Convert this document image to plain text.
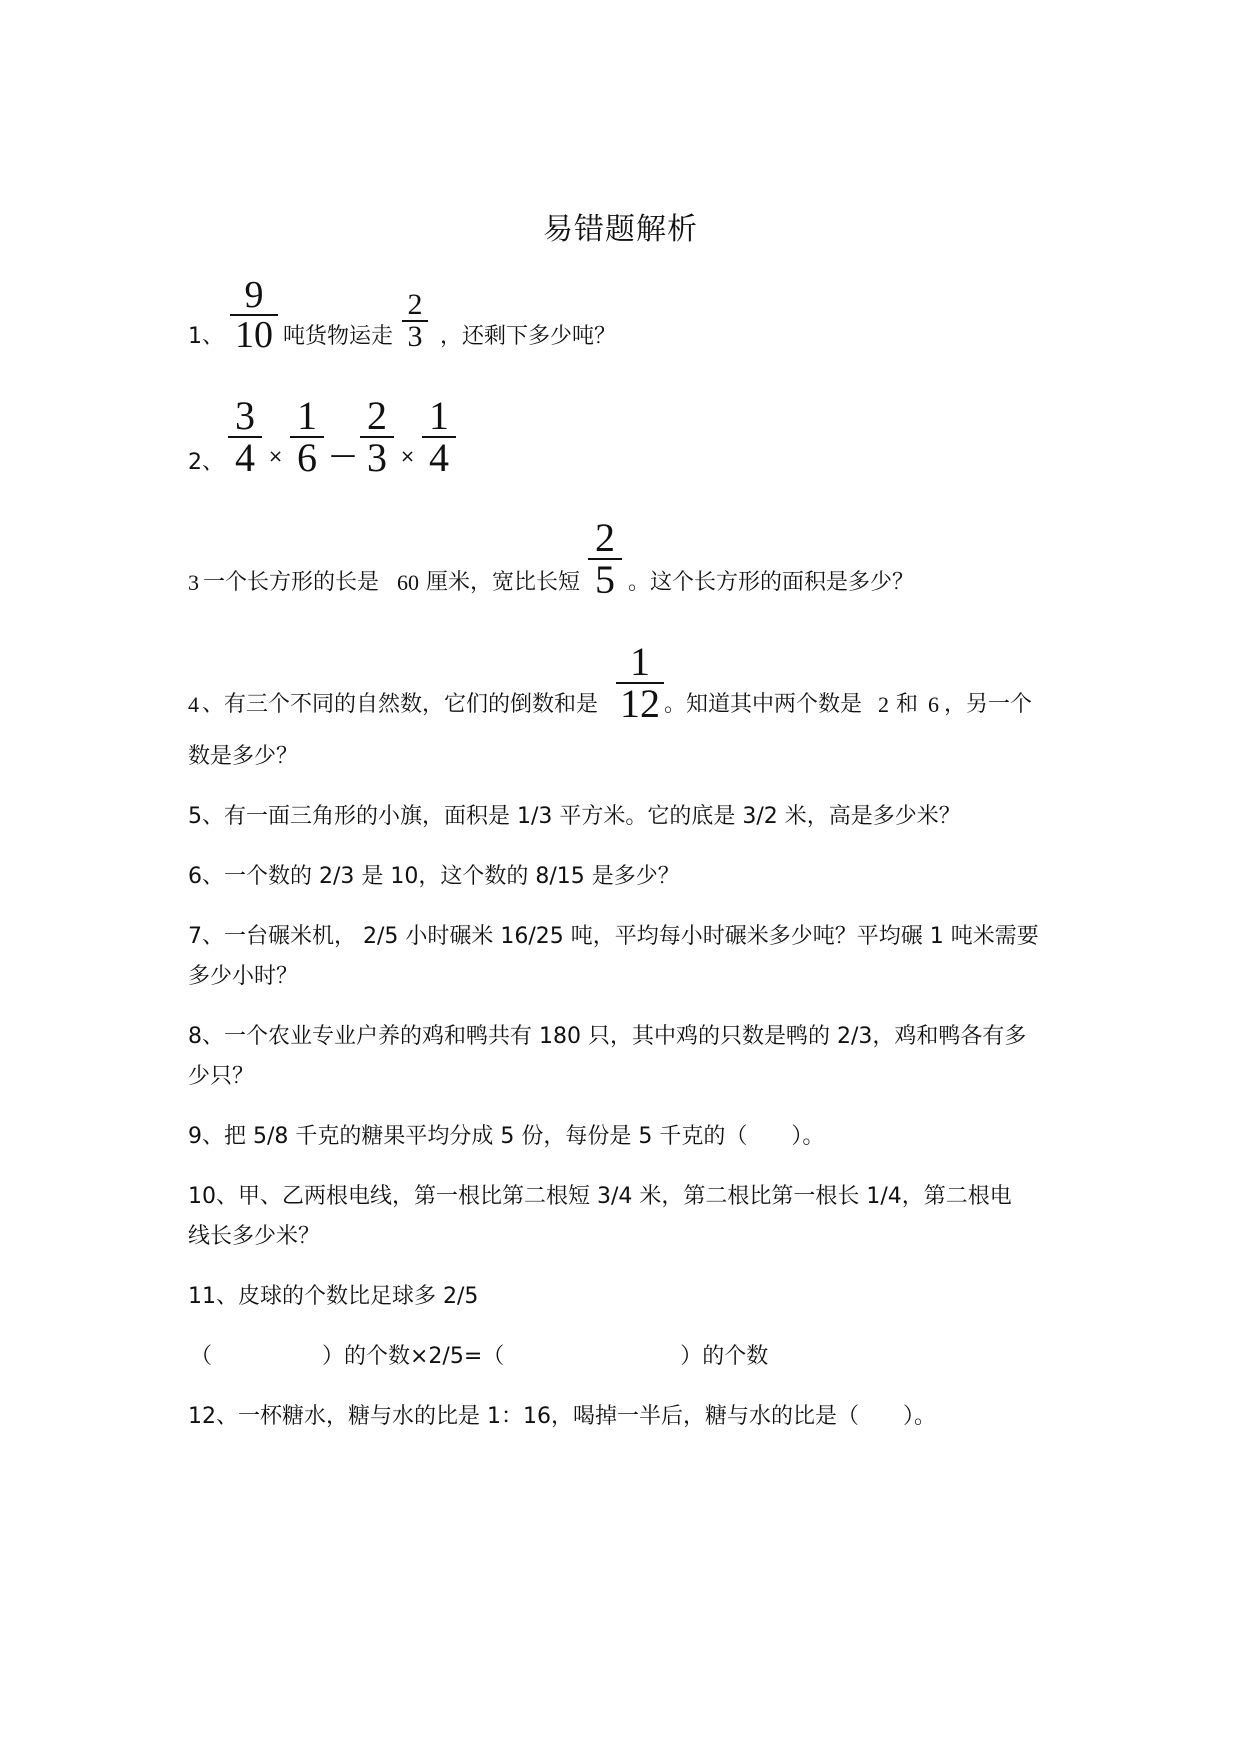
易错题解析
1、
9
10 吨货物运走
2
3 ，还剩下多少吨？
2、
3
4 ×
1
6 —
2
3 ×
1
4
3 一个长方形的长是 60 厘米，宽比长短
2
5 。这个长方形的面积是多少？
4 、有三个不同的自然数，它们的倒数和是
1
12 。知道其中两个数是 2 和 6 ，另一个
数是多少？
5、有一面三角形的小旗，面积是 1/3 平方米。它的底是 3/2 米，高是多少米？
6、一个数的 2/3 是 10，这个数的 8/15 是多少？
7、一台碾米机， 2/5 小时碾米 16/25 吨，平均每小时碾米多少吨？平均碾 1 吨米需要
多少小时？
8、一个农业专业户养的鸡和鸭共有 180 只，其中鸡的只数是鸭的 2/3，鸡和鸭各有多
少只？
9、把 5/8 千克的糖果平均分成 5 份，每份是 5 千克的（　　）。
10、甲、乙两根电线，第一根比第二根短 3/4 米，第二根比第一根长 1/4，第二根电
线长多少米？
11、皮球的个数比足球多 2/5
（　　　　　）的个数×2/5=（　　　　　　　　）的个数
12、一杯糖水，糖与水的比是 1：16，喝掉一半后，糖与水的比是（　　）。
